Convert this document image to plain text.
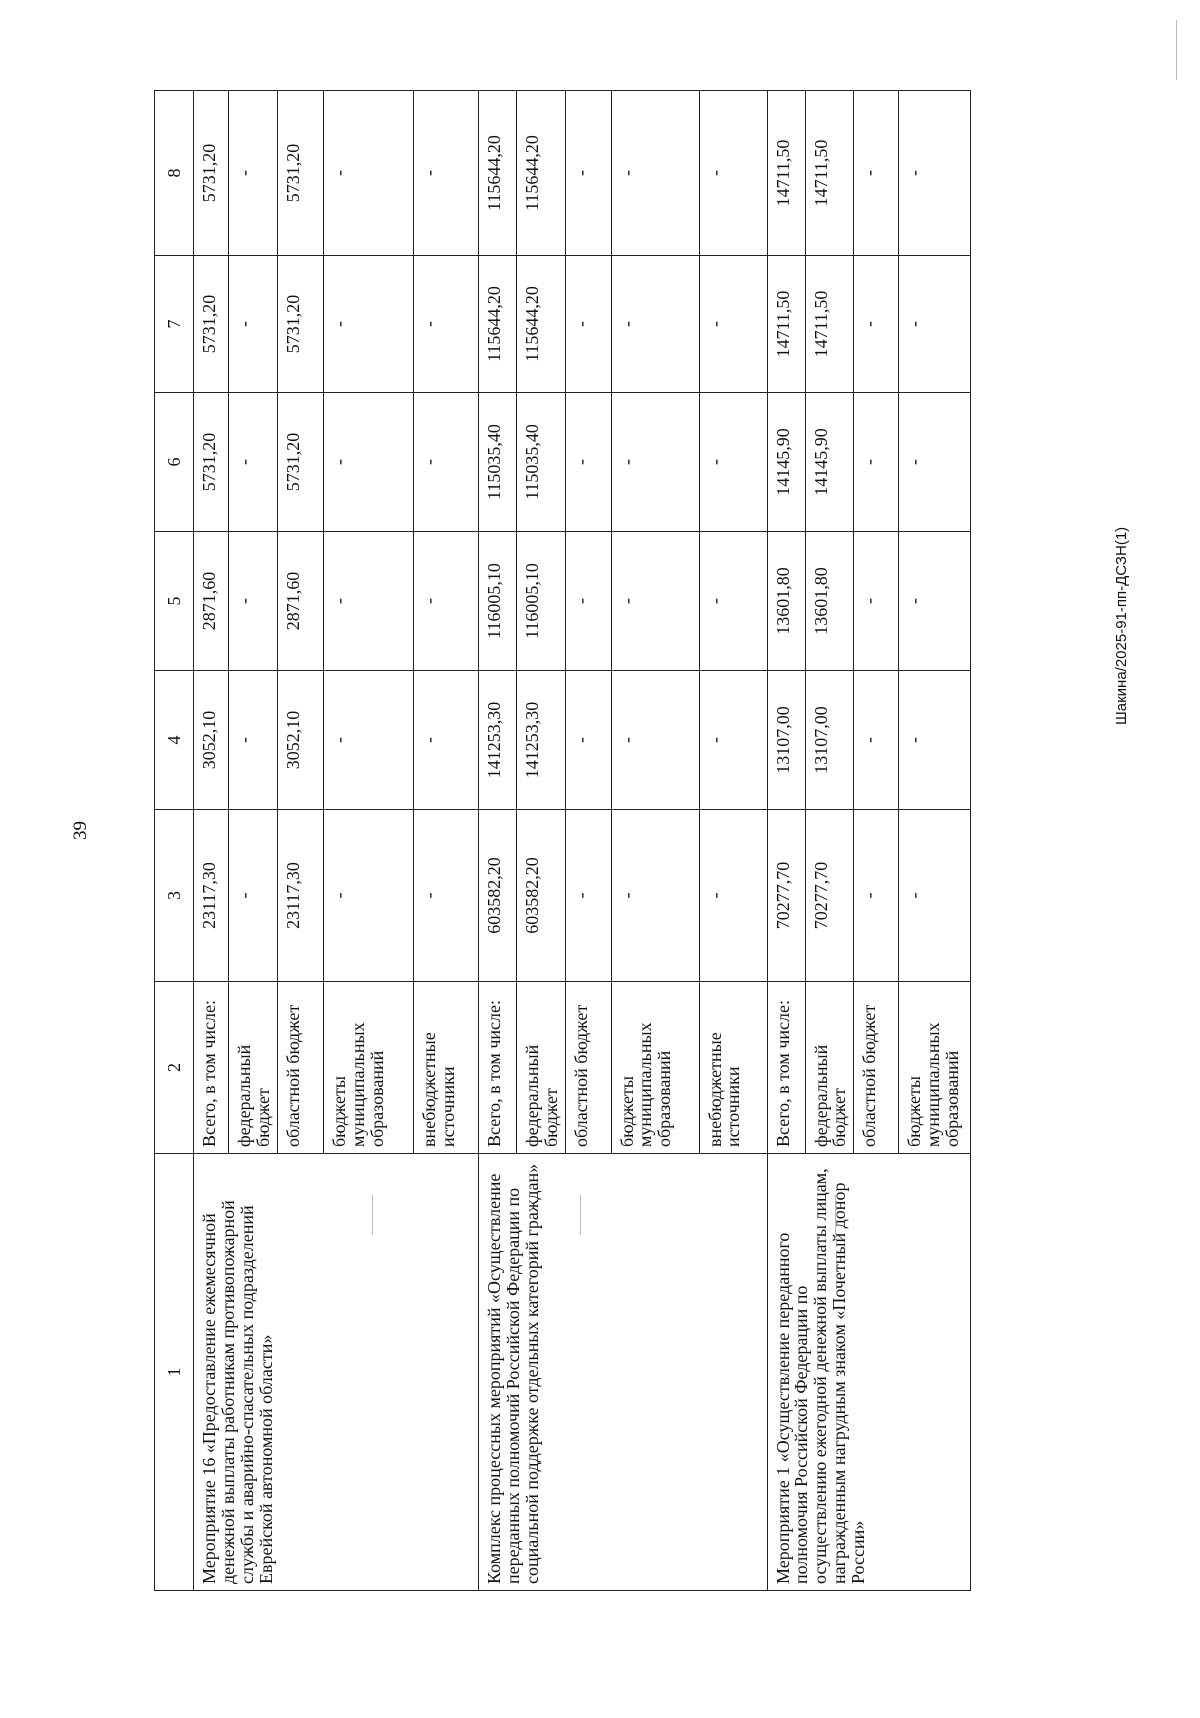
39
Шакина/2025-91-пп-ДСЗН(1)
1	2	3	4	5	6	7	8
Мероприятие 16 «Предоставление ежемесячной денежной выплаты работникам противопожарной службы и аварийно-спасательных подразделений Еврейской автономной области»	Всего, в том числе:	23117,30	3052,10	2871,60	5731,20	5731,20	5731,20
	федеральный бюджет	-	-	-	-	-	-
	областной бюджет	23117,30	3052,10	2871,60	5731,20	5731,20	5731,20
	бюджеты муниципальных образований	-	-	-	-	-	-
	внебюджетные источники	-	-	-	-	-	-
Комплекс процессных мероприятий «Осуществление переданных полномочий Российской Федерации по социальной поддержке отдельных категорий граждан»	Всего, в том числе:	603582,20	141253,30	116005,10	115035,40	115644,20	115644,20
	федеральный бюджет	603582,20	141253,30	116005,10	115035,40	115644,20	115644,20
	областной бюджет	-	-	-	-	-	-
	бюджеты муниципальных образований	-	-	-	-	-	-
	внебюджетные источники	-	-	-	-	-	-
Мероприятие 1 «Осуществление переданного полномочия Российской Федерации по осуществлению ежегодной денежной выплаты лицам, награжденным нагрудным знаком «Почетный донор России»	Всего, в том числе:	70277,70	13107,00	13601,80	14145,90	14711,50	14711,50
	федеральный бюджет	70277,70	13107,00	13601,80	14145,90	14711,50	14711,50
	областной бюджет	-	-	-	-	-	-
	бюджеты муниципальных образований	-	-	-	-	-	-
